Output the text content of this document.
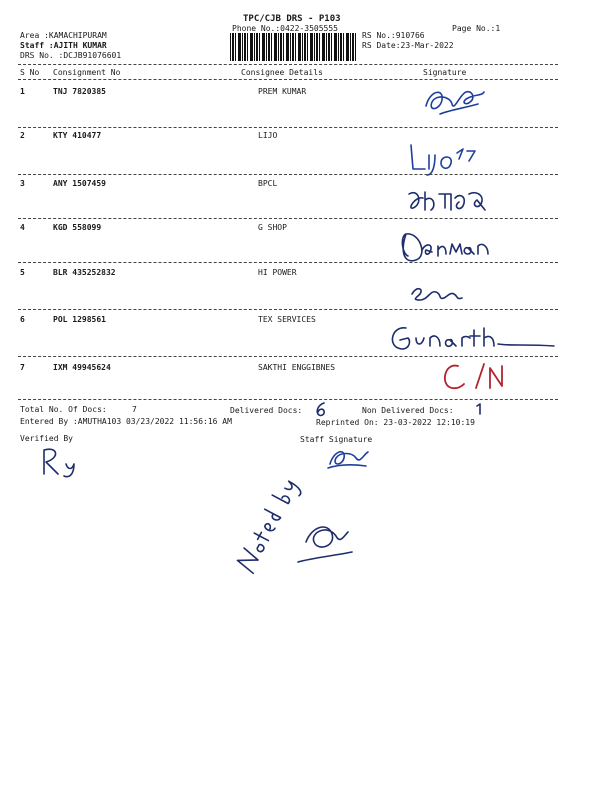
TPC/CJB DRS - P103
Phone No.:0422-3505555	Page No.:1
Area :KAMACHIPURAM
Staff :AJITH KUMAR
DRS No. :DCJB91076601
RS No.:910766
RS Date:23-Mar-2022
S No Consignment No	Consignee Details	Signature
1	TNJ 7820385	PREM KUMAR
2	KTY 410477	LIJO
3	ANY 1507459	BPCL
4	KGD 558099	G SHOP
5	BLR 435252832	HI POWER
6	POL 1298561	TEX SERVICES
7	IXM 49945624	SAKTHI ENGGIBNES
Total No. Of Docs:	7	Delivered Docs:	Non Delivered Docs:
Entered By :AMUTHA103 03/23/2022 11:56:16 AM	Reprinted On: 23-03-2022 12:10:19
Verified By	Staff Signature
